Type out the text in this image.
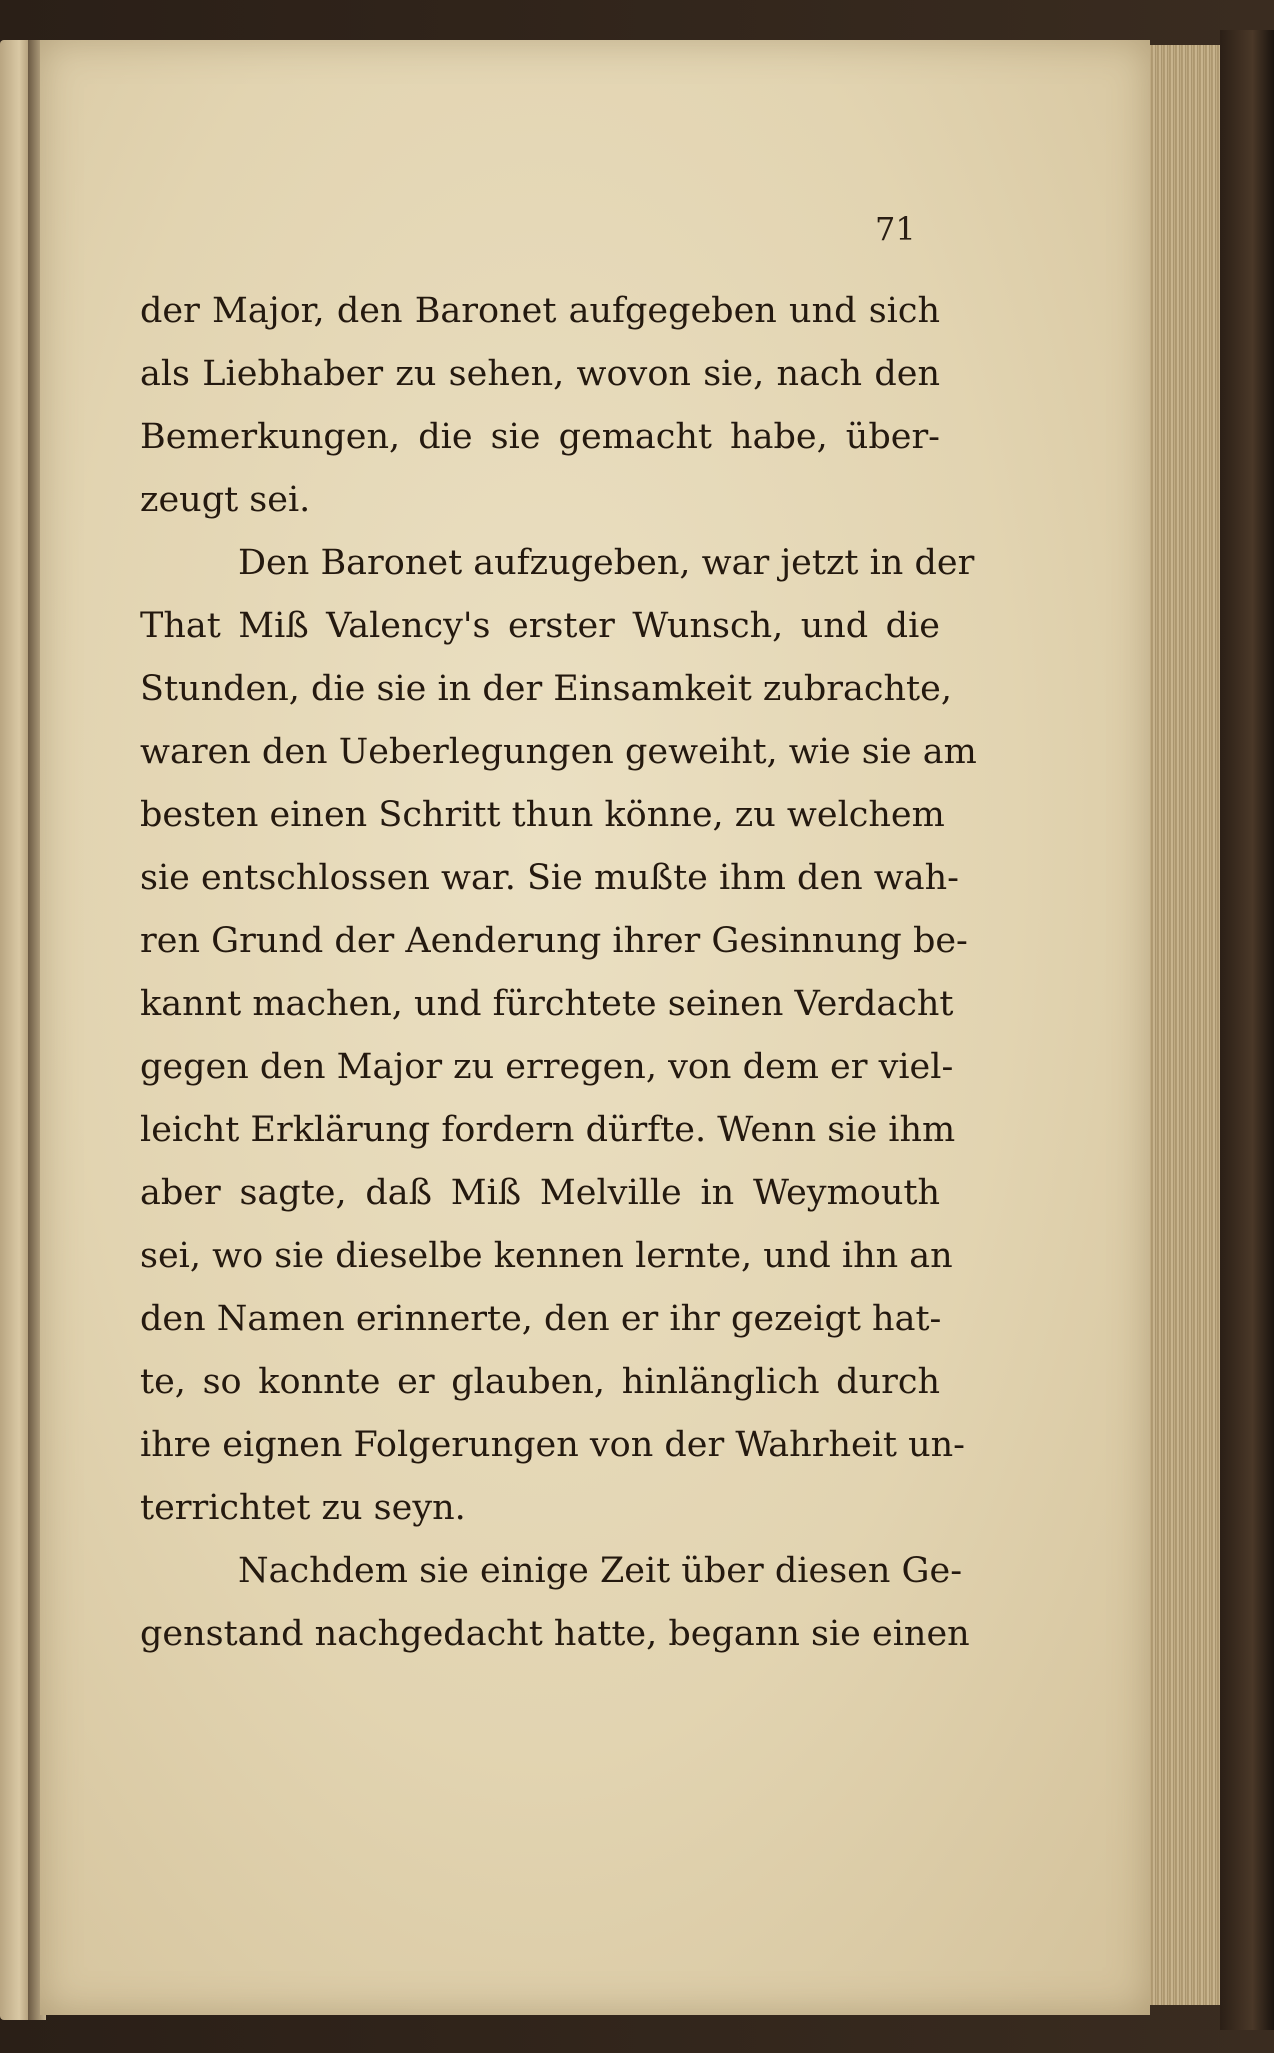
71
der Major, den Baronet aufgegeben und sich
als Liebhaber zu sehen, wovon sie, nach den
Bemerkungen, die sie gemacht habe, über-
zeugt sei.
Den Baronet aufzugeben, war jetzt in der
That Miß Valency's erster Wunsch, und die
Stunden, die sie in der Einsamkeit zubrachte,
waren den Ueberlegungen geweiht, wie sie am
besten einen Schritt thun könne, zu welchem
sie entschlossen war. Sie mußte ihm den wah-
ren Grund der Aenderung ihrer Gesinnung be-
kannt machen, und fürchtete seinen Verdacht
gegen den Major zu erregen, von dem er viel-
leicht Erklärung fordern dürfte. Wenn sie ihm
aber sagte, daß Miß Melville in Weymouth
sei, wo sie dieselbe kennen lernte, und ihn an
den Namen erinnerte, den er ihr gezeigt hat-
te, so konnte er glauben, hinlänglich durch
ihre eignen Folgerungen von der Wahrheit un-
terrichtet zu seyn.
Nachdem sie einige Zeit über diesen Ge-
genstand nachgedacht hatte, begann sie einen
